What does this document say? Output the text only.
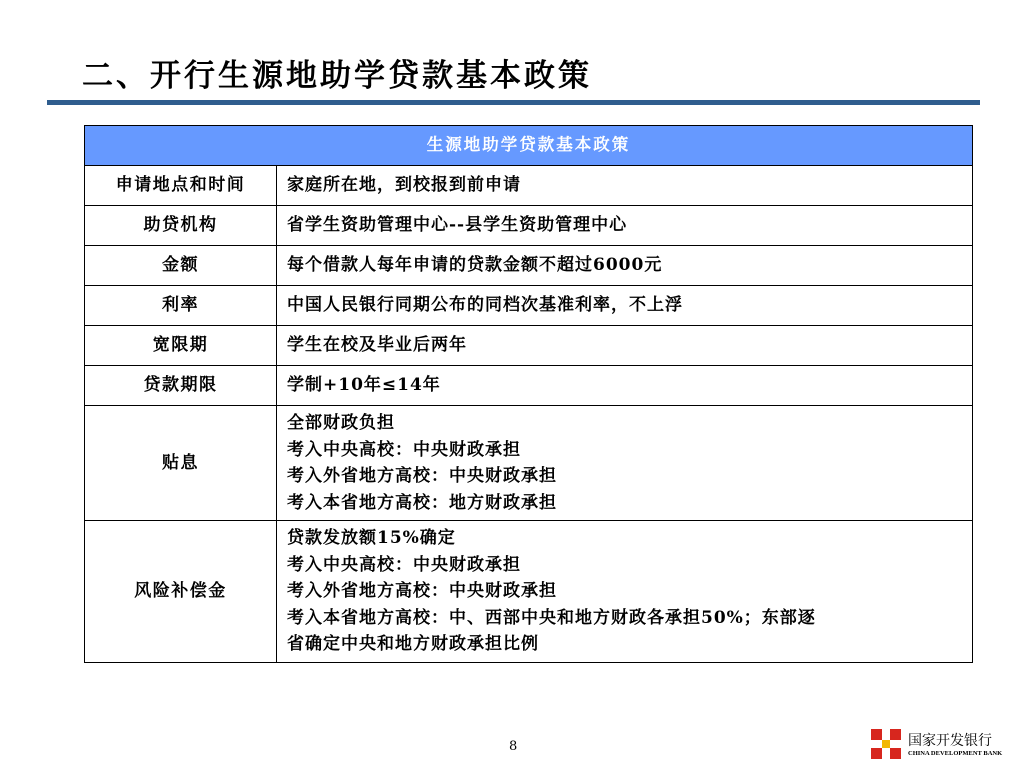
二、开行生源地助学贷款基本政策
生源地助学贷款基本政策	
申请地点和时间	家庭所在地，到校报到前申请

助贷机构	省学生资助管理中心--县学生资助管理中心

金额	每个借款人每年申请的贷款金额不超过6000元

利率	中国人民银行同期公布的同档次基准利率，不上浮

宽限期	学生在校及毕业后两年

贷款期限	学制+10年≤14年

贴息	全部财政负担
考入中央高校：中央财政承担
考入外省地方高校：中央财政承担
考入本省地方高校：地方财政承担

风险补偿金	贷款发放额15%确定
考入中央高校：中央财政承担
考入外省地方高校：中央财政承担
考入本省地方高校：中、西部中央和地方财政各承担50%；东部逐
省确定中央和地方财政承担比例
8	国家开发银行
CHINA DEVELOPMENT BANK
